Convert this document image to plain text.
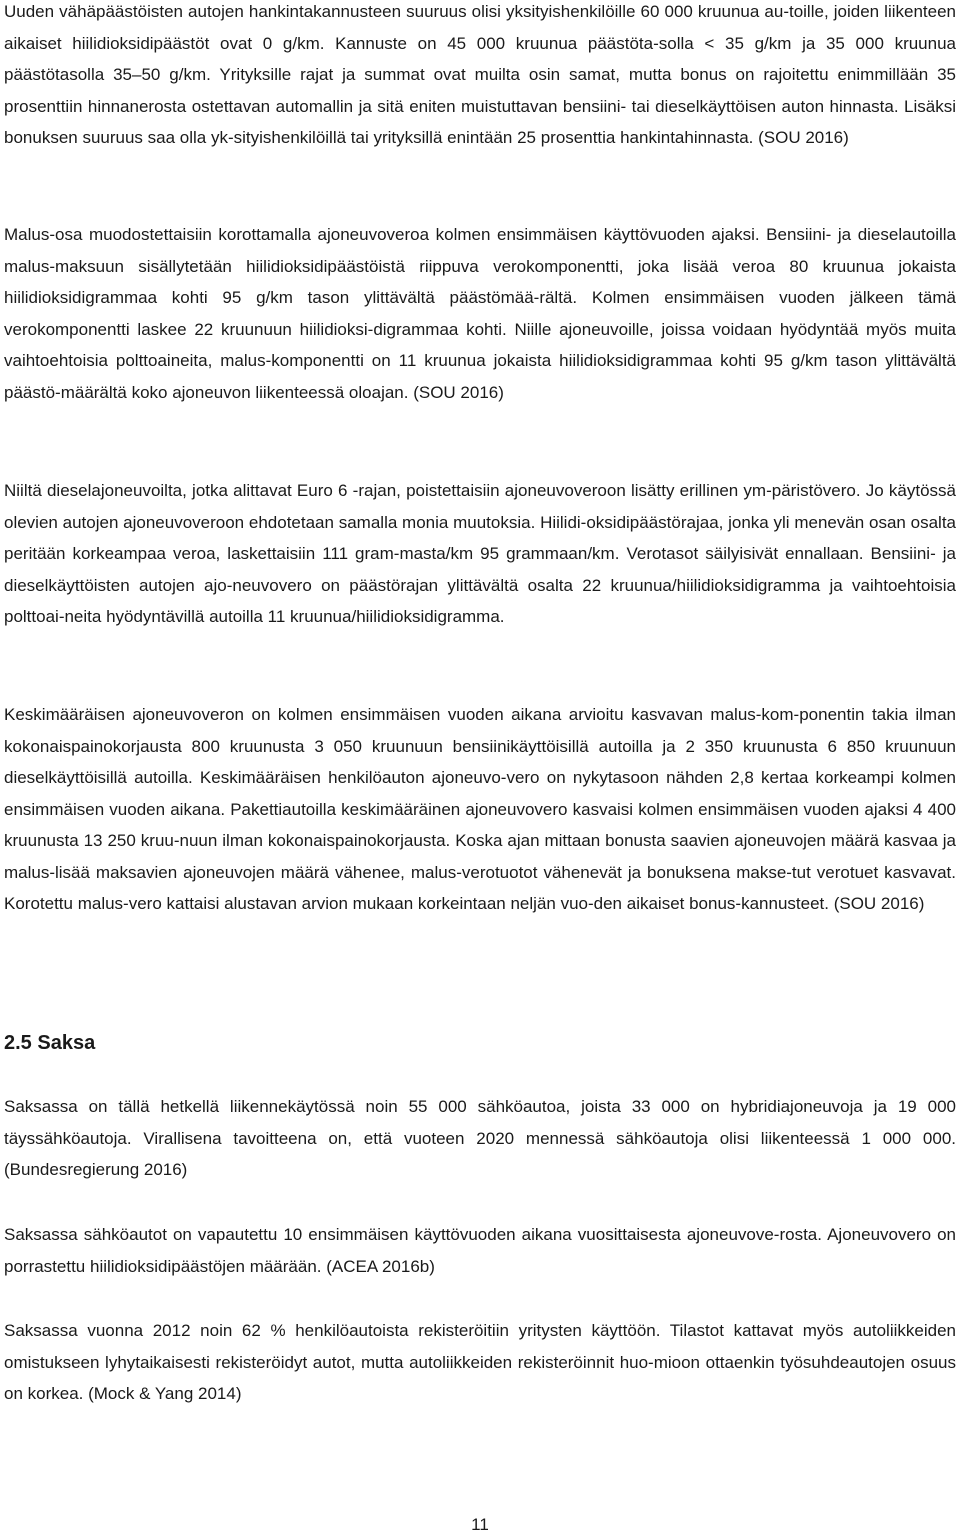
Uuden vähäpäästöisten autojen hankintakannusteen suuruus olisi yksityishenkilöille 60 000 kruunua au-toille, joiden liikenteen aikaiset hiilidioksidipäästöt ovat 0 g/km. Kannuste on 45 000 kruunua päästöta-solla < 35 g/km ja 35 000 kruunua päästötasolla 35–50 g/km. Yrityksille rajat ja summat ovat muilta osin samat, mutta bonus on rajoitettu enimmillään 35 prosenttiin hinnanerosta ostettavan automallin ja sitä eniten muistuttavan bensiini- tai dieselkäyttöisen auton hinnasta. Lisäksi bonuksen suuruus saa olla yk-sityishenkilöillä tai yrityksillä enintään 25 prosenttia hankintahinnasta. (SOU 2016)

Malus-osa muodostettaisiin korottamalla ajoneuvoveroa kolmen ensimmäisen käyttövuoden ajaksi. Bensiini- ja dieselautoilla malus-maksuun sisällytetään hiilidioksidipäästöistä riippuva verokomponentti, joka lisää veroa 80 kruunua jokaista hiilidioksidigrammaa kohti 95 g/km tason ylittävältä päästömää-rältä. Kolmen ensimmäisen vuoden jälkeen tämä verokomponentti laskee 22 kruunuun hiilidioksi-digrammaa kohti. Niille ajoneuvoille, joissa voidaan hyödyntää myös muita vaihtoehtoisia polttoaineita, malus-komponentti on 11 kruunua jokaista hiilidioksidigrammaa kohti 95 g/km tason ylittävältä päästö-määrältä koko ajoneuvon liikenteessä oloajan. (SOU 2016)

Niiltä dieselajoneuvoilta, jotka alittavat Euro 6 -rajan, poistettaisiin ajoneuvoveroon lisätty erillinen ym-päristövero. Jo käytössä olevien autojen ajoneuvoveroon ehdotetaan samalla monia muutoksia. Hiilidi-oksidipäästörajaa, jonka yli menevän osan osalta peritään korkeampaa veroa, laskettaisiin 111 gram-masta/km 95 grammaan/km. Verotasot säilyisivät ennallaan. Bensiini- ja dieselkäyttöisten autojen ajo-neuvovero on päästörajan ylittävältä osalta 22 kruunua/hiilidioksidigramma ja vaihtoehtoisia polttoai-neita hyödyntävillä autoilla 11 kruunua/hiilidioksidigramma.

Keskimääräisen ajoneuvoveron on kolmen ensimmäisen vuoden aikana arvioitu kasvavan malus-kom-ponentin takia ilman kokonaispainokorjausta 800 kruunusta 3 050 kruunuun bensiinikäyttöisillä autoilla ja 2 350 kruunusta 6 850 kruunuun dieselkäyttöisillä autoilla. Keskimääräisen henkilöauton ajoneuvo-vero on nykytasoon nähden 2,8 kertaa korkeampi kolmen ensimmäisen vuoden aikana. Pakettiautoilla keskimääräinen ajoneuvovero kasvaisi kolmen ensimmäisen vuoden ajaksi 4 400 kruunusta 13 250 kruu-nuun ilman kokonaispainokorjausta. Koska ajan mittaan bonusta saavien ajoneuvojen määrä kasvaa ja malus-lisää maksavien ajoneuvojen määrä vähenee, malus-verotuotot vähenevät ja bonuksena makse-tut verotuet kasvavat. Korotettu malus-vero kattaisi alustavan arvion mukaan korkeintaan neljän vuo-den aikaiset bonus-kannusteet. (SOU 2016)

2.5 Saksa

Saksassa on tällä hetkellä liikennekäytössä noin 55 000 sähköautoa, joista 33 000 on hybridiajoneuvoja ja 19 000 täyssähköautoja. Virallisena tavoitteena on, että vuoteen 2020 mennessä sähköautoja olisi liikenteessä 1 000 000. (Bundesregierung 2016)

Saksassa sähköautot on vapautettu 10 ensimmäisen käyttövuoden aikana vuosittaisesta ajoneuvove-rosta. Ajoneuvovero on porrastettu hiilidioksidipäästöjen määrään. (ACEA 2016b)

Saksassa vuonna 2012 noin 62 % henkilöautoista rekisteröitiin yritysten käyttöön. Tilastot kattavat myös autoliikkeiden omistukseen lyhytaikaisesti rekisteröidyt autot, mutta autoliikkeiden rekisteröinnit huo-mioon ottaenkin työsuhdeautojen osuus on korkea. (Mock & Yang 2014)

11
